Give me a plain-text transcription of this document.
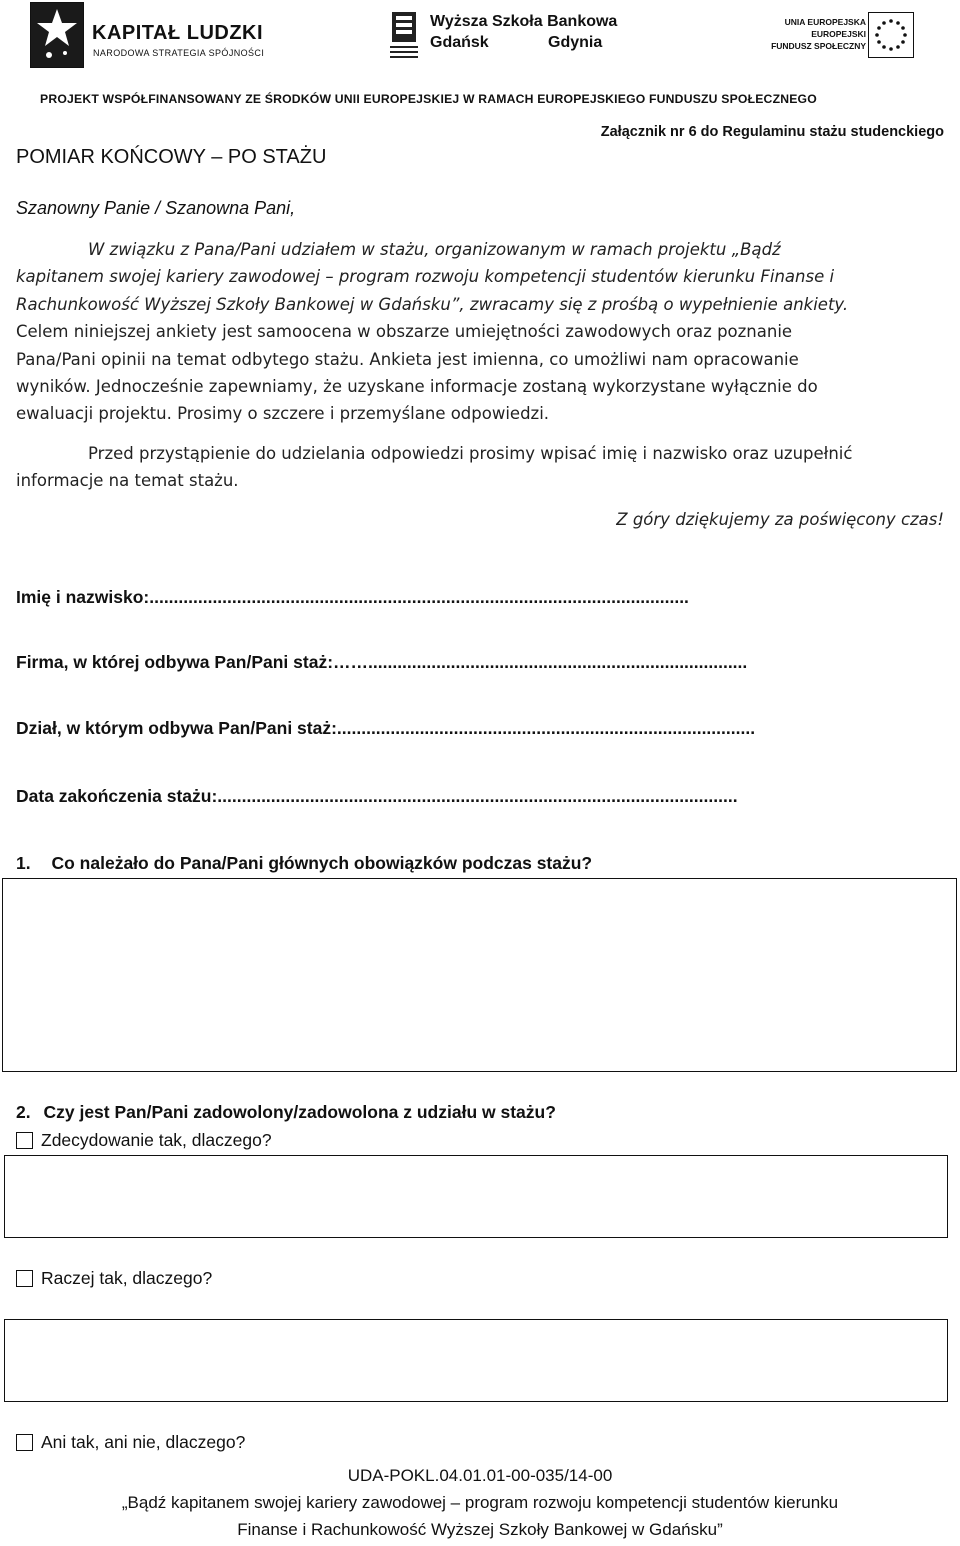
KAPITAŁ LUDZKI
NARODOWA STRATEGIA SPÓJNOŚCI
Wyższa Szkoła Bankowa
Gdańsk	Gdynia
UNIA EUROPEJSKA
EUROPEJSKI
FUNDUSZ SPOŁECZNY
PROJEKT WSPÓŁFINANSOWANY ZE ŚRODKÓW UNII EUROPEJSKIEJ W RAMACH EUROPEJSKIEGO FUNDUSZU SPOŁECZNEGO
Załącznik nr 6 do Regulaminu stażu studenckiego
POMIAR KOŃCOWY – PO STAŻU
Szanowny Panie / Szanowna Pani,
W związku z Pana/Pani udziałem w stażu, organizowanym w ramach projektu „Bądź
kapitanem swojej kariery zawodowej – program rozwoju kompetencji studentów kierunku Finanse i
Rachunkowość Wyższej Szkoły Bankowej w Gdańsku”, zwracamy się z prośbą o wypełnienie ankiety.
Celem niniejszej ankiety jest samoocena w obszarze umiejętności zawodowych oraz poznanie
Pana/Pani opinii na temat odbytego stażu. Ankieta jest imienna, co umożliwi nam opracowanie
wyników. Jednocześnie zapewniamy, że uzyskane informacje zostaną wykorzystane wyłącznie do
ewaluacji projektu. Prosimy o szczere i przemyślane odpowiedzi.
Przed przystąpienie do udzielania odpowiedzi prosimy wpisać imię i nazwisko oraz uzupełnić
informacje na temat stażu.
Z góry dziękujemy za poświęcony czas!
Imię i nazwisko:...............................................................................................................
Firma, w której odbywa Pan/Pani staż:……..............................................................................
Dział, w którym odbywa Pan/Pani staż:......................................................................................
Data zakończenia stażu:...........................................................................................................
1. Co należało do Pana/Pani głównych obowiązków podczas stażu?
2. Czy jest Pan/Pani zadowolony/zadowolona z udziału w stażu?
Zdecydowanie tak, dlaczego?
Raczej tak, dlaczego?
Ani tak, ani nie, dlaczego?
UDA-POKL.04.01.01-00-035/14-00
„Bądź kapitanem swojej kariery zawodowej – program rozwoju kompetencji studentów kierunku
Finanse i Rachunkowość Wyższej Szkoły Bankowej w Gdańsku”
